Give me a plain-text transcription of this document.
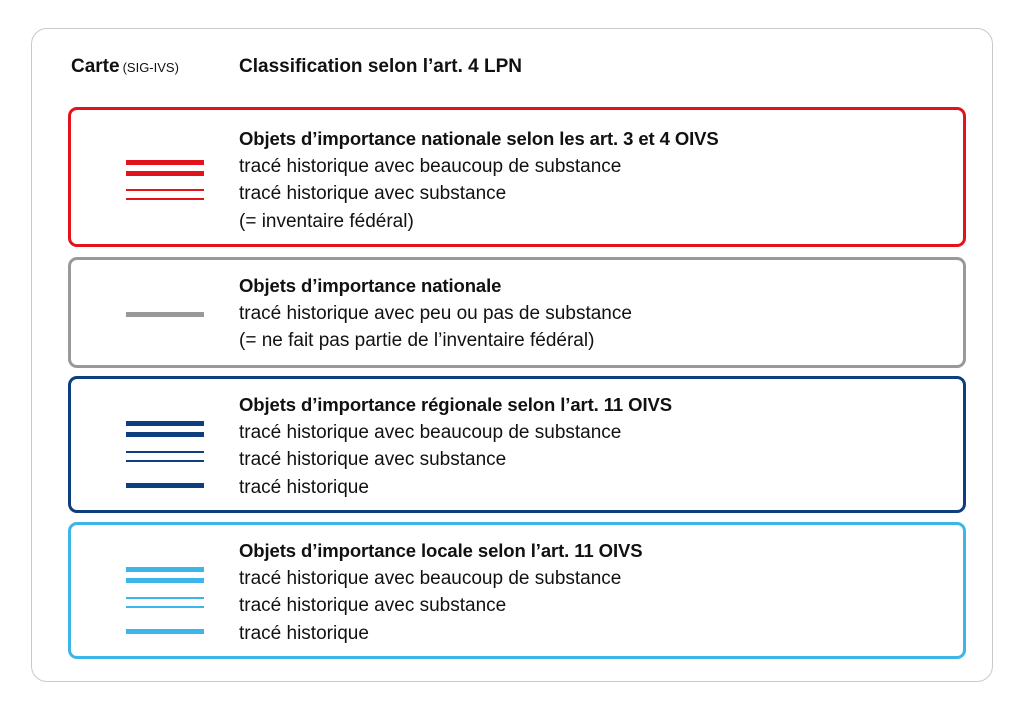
Carte (SIG-IVS)	Classification selon l’art. 4 LPN
Objets d’importance nationale selon les art. 3 et 4 OIVS
tracé historique avec beaucoup de substance
tracé historique avec substance
(= inventaire fédéral)
Objets d’importance nationale
tracé historique avec peu ou pas de substance
(= ne fait pas partie de l’inventaire fédéral)
Objets d’importance régionale selon l’art. 11 OIVS
tracé historique avec beaucoup de substance
tracé historique avec substance
tracé historique
Objets d’importance locale selon l’art. 11 OIVS
tracé historique avec beaucoup de substance
tracé historique avec substance
tracé historique
